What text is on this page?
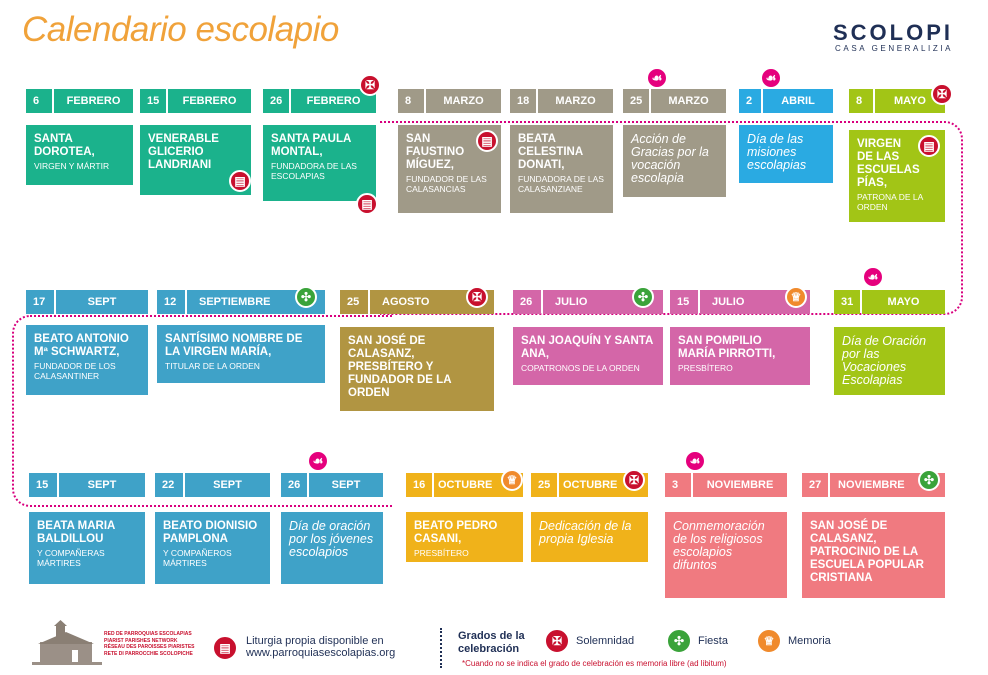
Calendario escolapio	SCOLOPI
CASA GENERALIZIA
6	FEBRERO
SANTA DOROTEA,
VIRGEN Y MÁRTIR
15	FEBRERO
VENERABLE GLICERIO LANDRIANI
▤
26	FEBRERO
✠
SANTA PAULA MONTAL,
FUNDADORA DE LAS ESCOLAPIAS
▤
8	MARZO
SAN FAUSTINO MÍGUEZ,
FUNDADOR DE LAS CALASANCIAS
▤
18	MARZO
BEATA CELESTINA DONATI,
FUNDADORA DE LAS CALASANZIANE
25	MARZO
☙
Acción de Gracias por la vocación escolapia
2	ABRIL
☙
Día de las misiones escolapias
8	MAYO ✠
VIRGEN DE LAS ESCUELAS PÍAS,
PATRONA DE LA ORDEN
▤
17	SEPT
BEATO ANTONIO Mª SCHWARTZ,
FUNDADOR DE LOS CALASANTINER
12	SEPTIEMBRE	✣
SANTÍSIMO NOMBRE DE LA VIRGEN MARÍA,
TITULAR DE LA ORDEN
25	AGOSTO	✠
SAN JOSÉ DE CALASANZ, PRESBÍTERO Y FUNDADOR DE LA ORDEN
26	JULIO	✣
SAN JOAQUÍN Y SANTA ANA,
COPATRONOS DE LA ORDEN
15	JULIO	♕
SAN POMPILIO MARÍA PIRROTTI,
PRESBÍTERO
31	MAYO
☙
Día de Oración por las Vocaciones Escolapias
15	SEPT
BEATA MARIA BALDILLOU
Y COMPAÑERAS MÁRTIRES
22	SEPT
BEATO DIONISIO PAMPLONA
Y COMPAÑEROS MÁRTIRES
26	SEPT
☙
Día de oración por los jóvenes escolapios
16	OCTUBRE	♕
BEATO PEDRO CASANI,
PRESBÍTERO
25	OCTUBRE ✠
Dedicación de la propia Iglesia
3	NOVIEMBRE
☙
Conmemoración de los religiosos escolapios difuntos
27	NOVIEMBRE	✣
SAN JOSÉ DE CALASANZ, PATROCINIO DE LA ESCUELA POPULAR CRISTIANA
RED DE PARROQUIAS ESCOLAPIAS
PIARIST PARISHES NETWORK
RÉSEAU DES PAROISSES PIARISTES
RETE DI PARROCCHIE SCOLOPICHE	▤	Liturgia propia disponible en
www.parroquiasescolapias.org
Grados de la
celebración
✠	Solemnidad	✣	Fiesta	♕	Memoria
*Cuando no se indica el grado de celebración es memoria libre (ad libitum)
